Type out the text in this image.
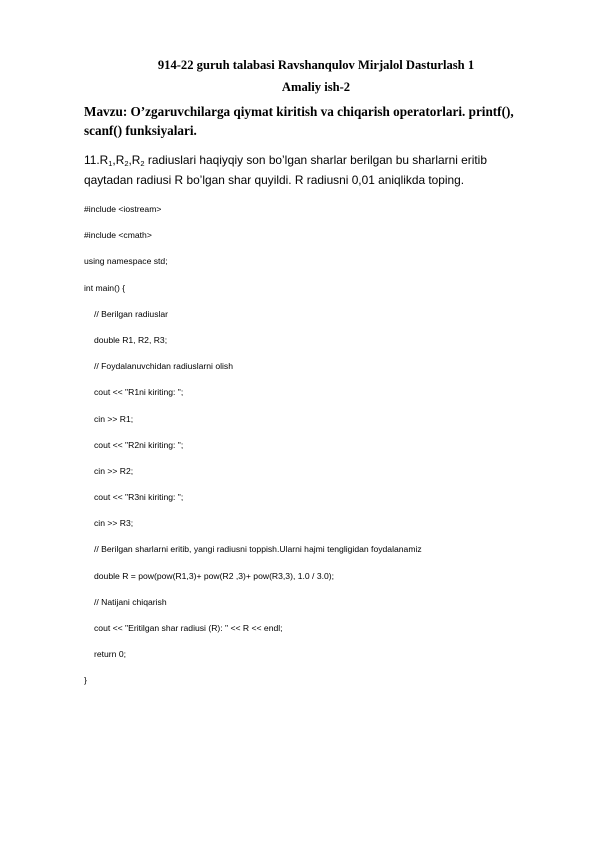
914-22 guruh talabasi Ravshanqulov Mirjalol Dasturlash 1
Amaliy ish-2
Mavzu: O’zgaruvchilarga qiymat kiritish va chiqarish operatorlari. printf(), scanf() funksiyalari.
$11.R_1,R_2,R_2$ radiuslari haqiyqiy son bo’lgan sharlar berilgan bu sharlarni eritib qaytadan radiusi R bo’lgan shar quyildi. R radiusni 0,01 aniqlikda toping.
#include <iostream>
#include <cmath>
using namespace std;
int main() {
// Berilgan radiuslar
double R1, R2, R3;
// Foydalanuvchidan radiuslarni olish
cout << "R1ni kiriting: ";
cin >> R1;
cout << "R2ni kiriting: ";
cin >> R2;
cout << "R3ni kiriting: ";
cin >> R3;
// Berilgan sharlarni eritib, yangi radiusni toppish.Ularni hajmi tengligidan foydalanamiz
double R = pow(pow(R1,3)+ pow(R2 ,3)+ pow(R3,3), 1.0 / 3.0);
// Natijani chiqarish
cout << "Eritilgan shar radiusi (R): " << R << endl;
return 0;
}
